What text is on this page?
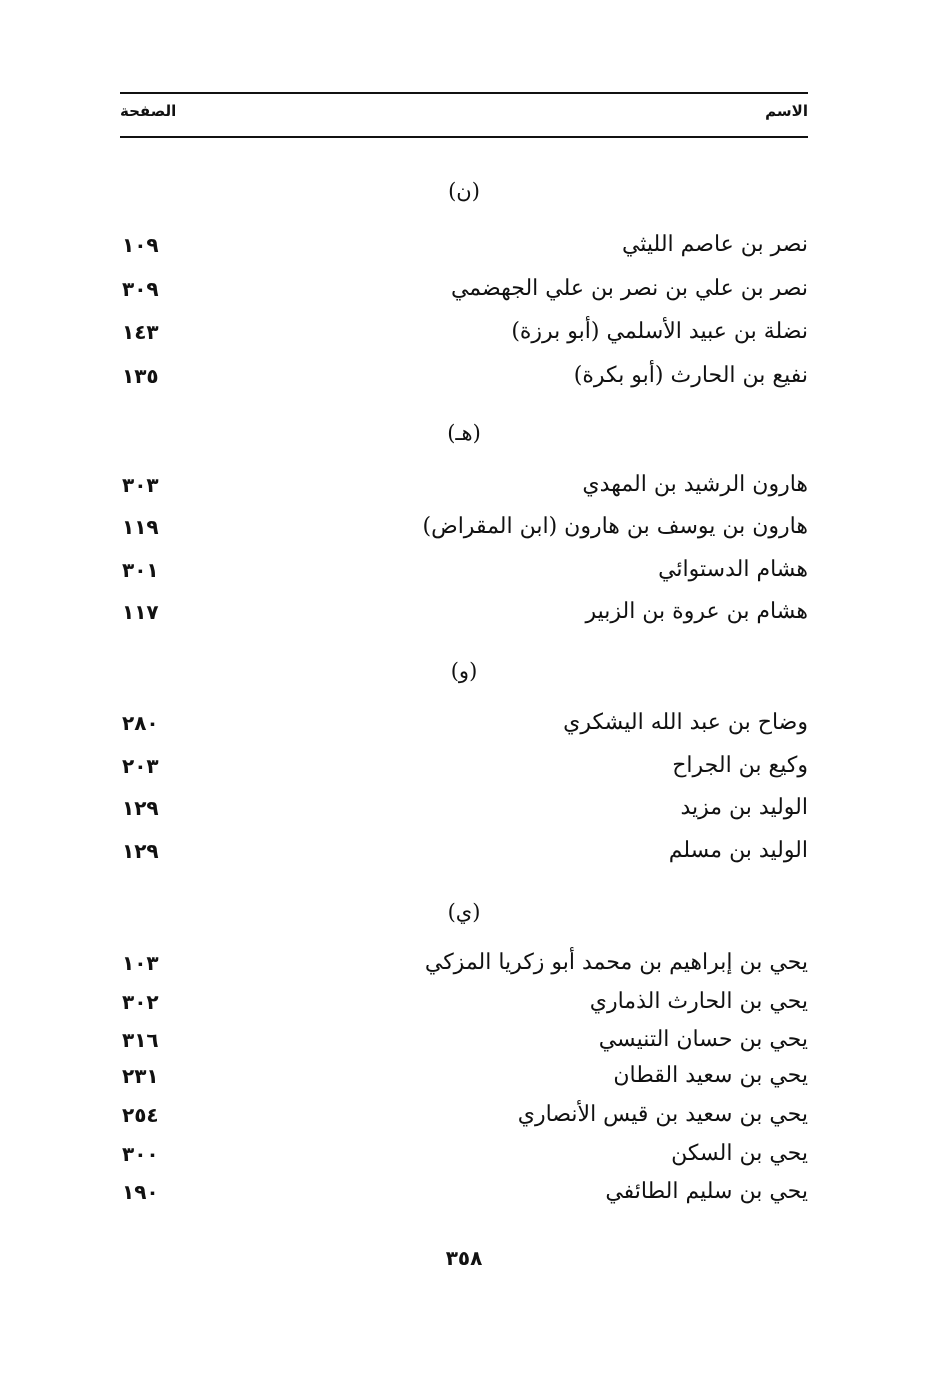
الاسم
الصفحة
(ن)
نصر بن عاصم الليثي
١٠٩
نصر بن علي بن نصر بن علي الجهضمي
٣٠٩
نضلة بن عبيد الأسلمي (أبو برزة)
١٤٣
نفيع بن الحارث (أبو بكرة)
١٣٥
(هـ)
هارون الرشيد بن المهدي
٣٠٣
هارون بن يوسف بن هارون (ابن المقراض)
١١٩
هشام الدستوائي
٣٠١
هشام بن عروة بن الزبير
١١٧
(و)
وضاح بن عبد الله اليشكري
٢٨٠
وكيع بن الجراح
٢٠٣
الوليد بن مزيد
١٢٩
الوليد بن مسلم
١٢٩
(ي)
يحي بن إبراهيم بن محمد أبو زكريا المزكي
١٠٣
يحي بن الحارث الذماري
٣٠٢
يحي بن حسان التنيسي
٣١٦
يحي بن سعيد القطان
٢٣١
يحي بن سعيد بن قيس الأنصاري
٢٥٤
يحي بن السكن
٣٠٠
يحي بن سليم الطائفي
١٩٠
٣٥٨
